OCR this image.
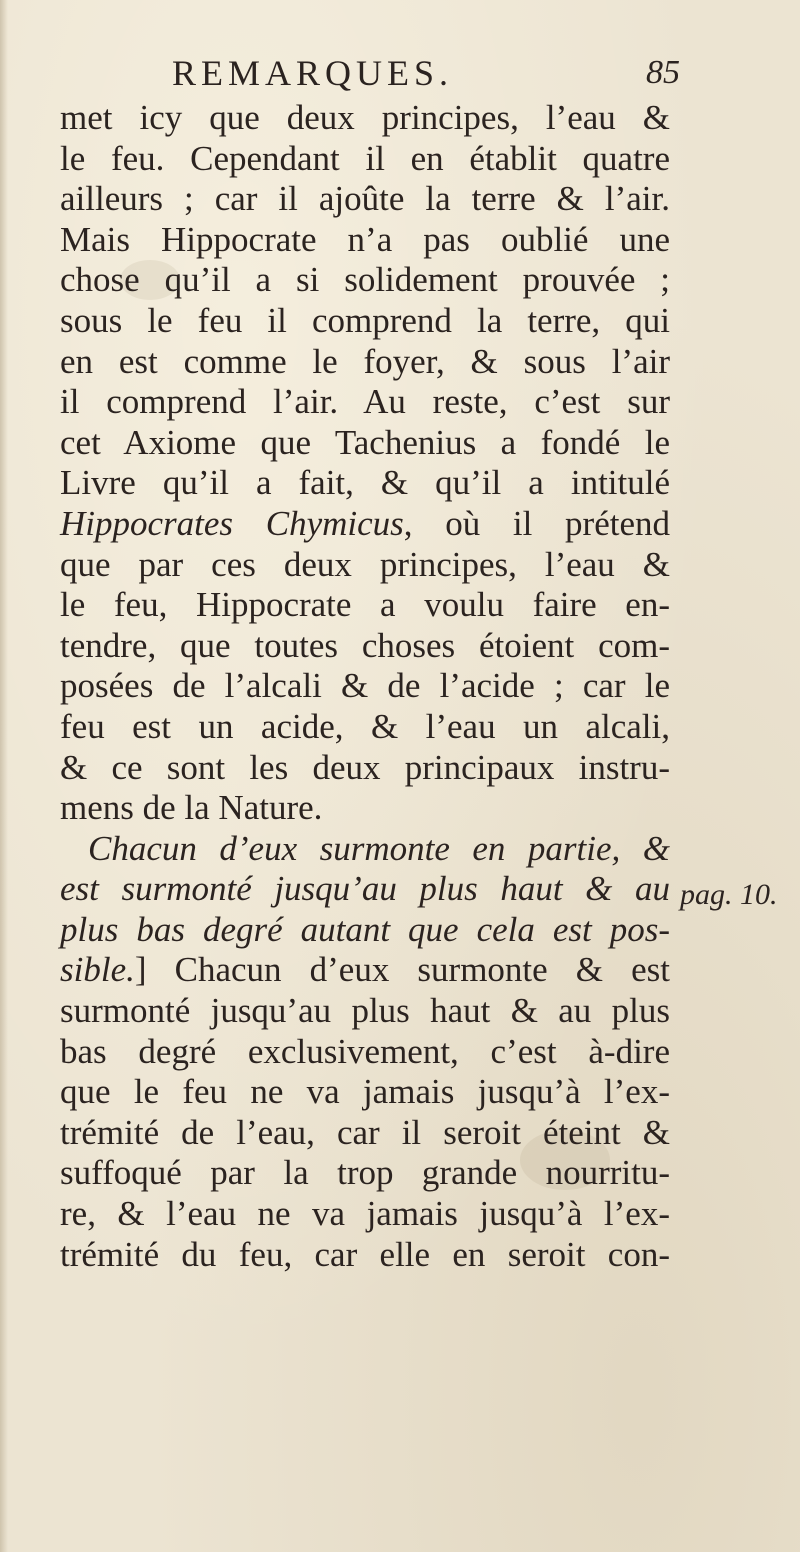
REMARQUES.	85
met icy que deux principes, l’eau &
le feu. Cependant il en établit quatre
ailleurs ; car il ajoûte la terre & l’air.
Mais Hippocrate n’a pas oublié une
chose qu’il a si solidement prouvée ;
sous le feu il comprend la terre, qui
en est comme le foyer, & sous l’air
il comprend l’air. Au reste, c’est sur
cet Axiome que Tachenius a fondé le
Livre qu’il a fait, & qu’il a intitulé
Hippocrates Chymicus, où il prétend
que par ces deux principes, l’eau &
le feu, Hippocrate a voulu faire en-
tendre, que toutes choses étoient com-
posées de l’alcali & de l’acide ; car le
feu est un acide, & l’eau un alcali,
& ce sont les deux principaux instru-
mens de la Nature.
Chacun d’eux surmonte en partie, &
est surmonté jusqu’au plus haut & au
plus bas degré autant que cela est pos-
sible.] Chacun d’eux surmonte & est
surmonté jusqu’au plus haut & au plus
bas degré exclusivement, c’est à-dire
que le feu ne va jamais jusqu’à l’ex-
trémité de l’eau, car il seroit éteint &
suffoqué par la trop grande nourritu-
re, & l’eau ne va jamais jusqu’à l’ex-
trémité du feu, car elle en seroit con-
pag. 10.
